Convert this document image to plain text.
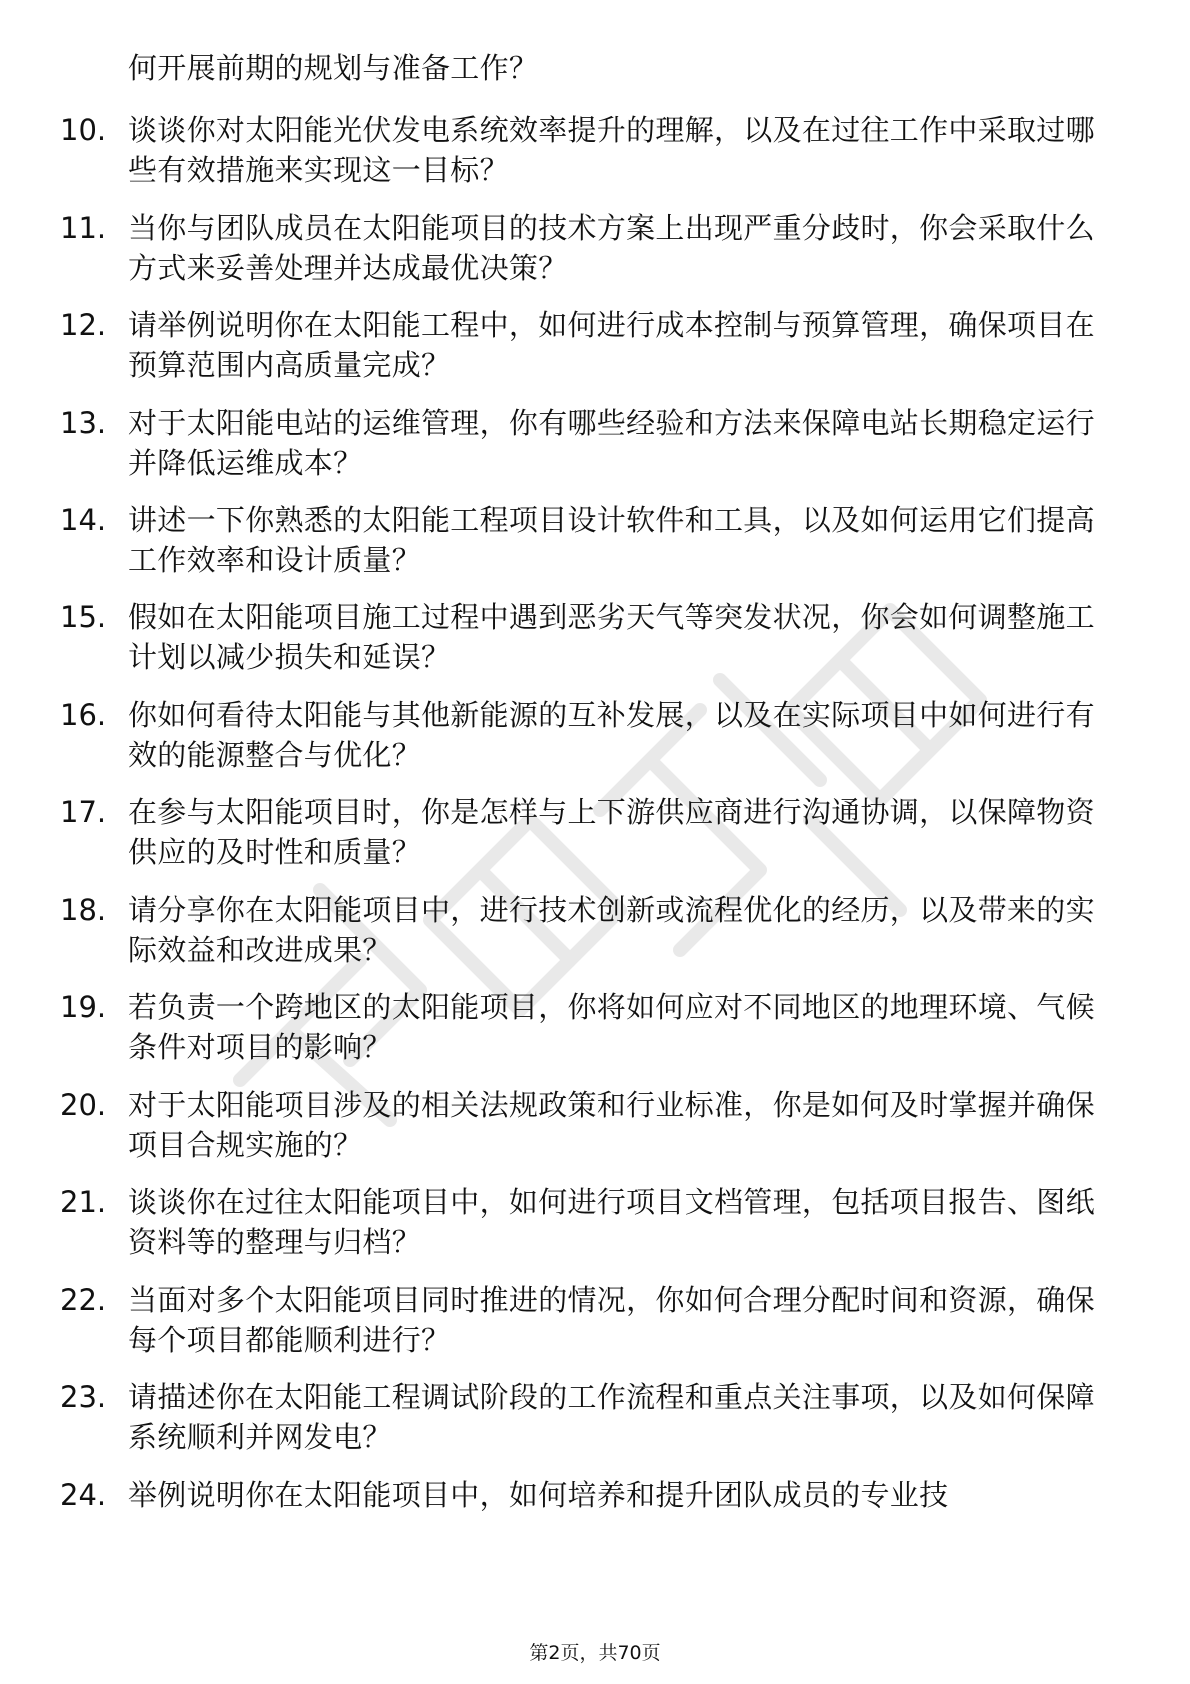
何开展前期的规划与准备工作？
10. 谈谈你对太阳能光伏发电系统效率提升的理解，以及在过往工作中采取过哪些有效措施来实现这一目标？
11. 当你与团队成员在太阳能项目的技术方案上出现严重分歧时，你会采取什么方式来妥善处理并达成最优决策？
12. 请举例说明你在太阳能工程中，如何进行成本控制与预算管理，确保项目在预算范围内高质量完成？
13. 对于太阳能电站的运维管理，你有哪些经验和方法来保障电站长期稳定运行并降低运维成本？
14. 讲述一下你熟悉的太阳能工程项目设计软件和工具，以及如何运用它们提高工作效率和设计质量？
15. 假如在太阳能项目施工过程中遇到恶劣天气等突发状况，你会如何调整施工计划以减少损失和延误？
16. 你如何看待太阳能与其他新能源的互补发展，以及在实际项目中如何进行有效的能源整合与优化？
17. 在参与太阳能项目时，你是怎样与上下游供应商进行沟通协调，以保障物资供应的及时性和质量？
18. 请分享你在太阳能项目中，进行技术创新或流程优化的经历，以及带来的实际效益和改进成果？
19. 若负责一个跨地区的太阳能项目，你将如何应对不同地区的地理环境、气候条件对项目的影响？
20. 对于太阳能项目涉及的相关法规政策和行业标准，你是如何及时掌握并确保项目合规实施的？
21. 谈谈你在过往太阳能项目中，如何进行项目文档管理，包括项目报告、图纸资料等的整理与归档？
22. 当面对多个太阳能项目同时推进的情况，你如何合理分配时间和资源，确保每个项目都能顺利进行？
23. 请描述你在太阳能工程调试阶段的工作流程和重点关注事项，以及如何保障系统顺利并网发电？
24. 举例说明你在太阳能项目中，如何培养和提升团队成员的专业技
第2页，共70页
